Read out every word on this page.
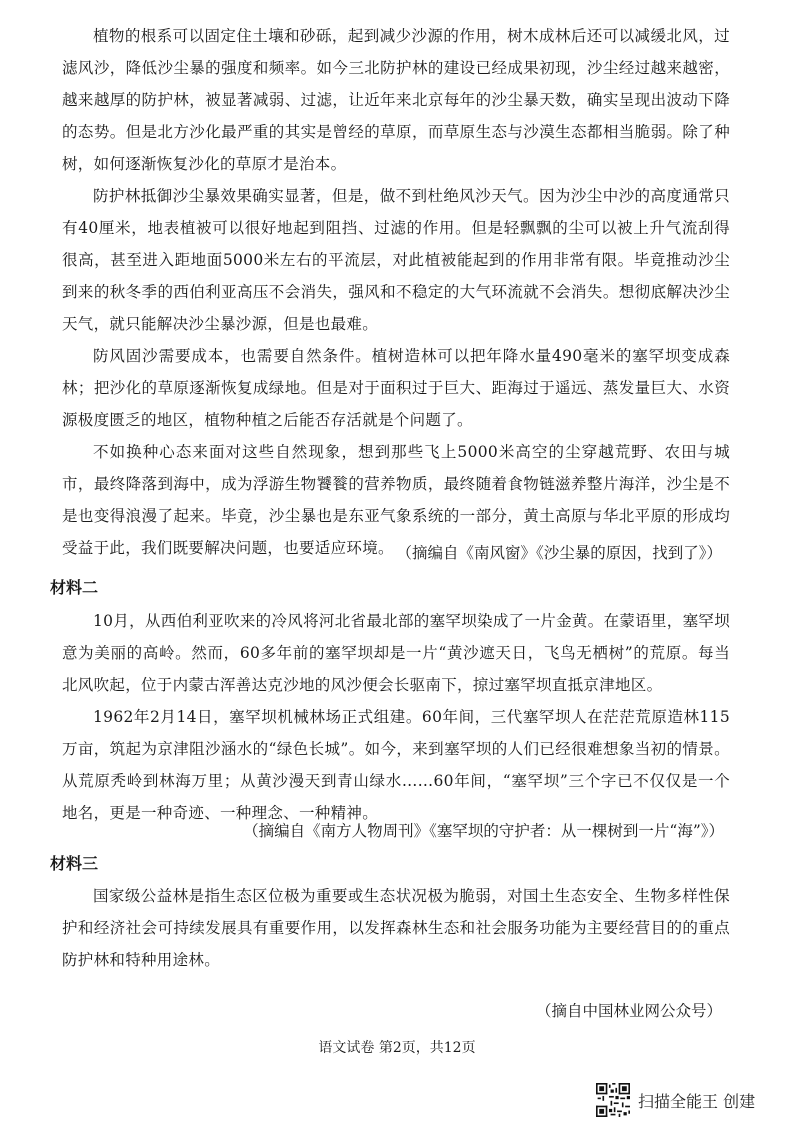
植物的根系可以固定住土壤和砂砾，起到减少沙源的作用，树木成林后还可以减缓北风，过滤风沙，降低沙尘暴的强度和频率。如今三北防护林的建设已经成果初现，沙尘经过越来越密，越来越厚的防护林，被显著减弱、过滤，让近年来北京每年的沙尘暴天数，确实呈现出波动下降的态势。但是北方沙化最严重的其实是曾经的草原，而草原生态与沙漠生态都相当脆弱。除了种树，如何逐渐恢复沙化的草原才是治本。

防护林抵御沙尘暴效果确实显著，但是，做不到杜绝风沙天气。因为沙尘中沙的高度通常只有40厘米，地表植被可以很好地起到阻挡、过滤的作用。但是轻飘飘的尘可以被上升气流刮得很高，甚至进入距地面5000米左右的平流层，对此植被能起到的作用非常有限。毕竟推动沙尘到来的秋冬季的西伯利亚高压不会消失，强风和不稳定的大气环流就不会消失。想彻底解决沙尘天气，就只能解决沙尘暴沙源，但是也最难。

防风固沙需要成本，也需要自然条件。植树造林可以把年降水量490毫米的塞罕坝变成森林；把沙化的草原逐渐恢复成绿地。但是对于面积过于巨大、距海过于遥远、蒸发量巨大、水资源极度匮乏的地区，植物种植之后能否存活就是个问题了。

不如换种心态来面对这些自然现象，想到那些飞上5000米高空的尘穿越荒野、农田与城市，最终降落到海中，成为浮游生物饕餮的营养物质，最终随着食物链滋养整片海洋，沙尘是不是也变得浪漫了起来。毕竟，沙尘暴也是东亚气象系统的一部分，黄土高原与华北平原的形成均受益于此，我们既要解决问题，也要适应环境。 （摘编自《南风窗》《沙尘暴的原因，找到了》）

材料二

10月，从西伯利亚吹来的冷风将河北省最北部的塞罕坝染成了一片金黄。在蒙语里，塞罕坝意为美丽的高岭。然而，60多年前的塞罕坝却是一片“黄沙遮天日，飞鸟无栖树”的荒原。每当北风吹起，位于内蒙古浑善达克沙地的风沙便会长驱南下，掠过塞罕坝直抵京津地区。

1962年2月14日，塞罕坝机械林场正式组建。60年间，三代塞罕坝人在茫茫荒原造林115万亩，筑起为京津阻沙涵水的“绿色长城”。如今，来到塞罕坝的人们已经很难想象当初的情景。从荒原秃岭到林海万里；从黄沙漫天到青山绿水……60年间，“塞罕坝”三个字已不仅仅是一个地名，更是一种奇迹、一种理念、一种精神。

（摘编自《南方人物周刊》《塞罕坝的守护者：从一棵树到一片“海”》）

材料三

国家级公益林是指生态区位极为重要或生态状况极为脆弱，对国土生态安全、生物多样性保护和经济社会可持续发展具有重要作用，以发挥森林生态和社会服务功能为主要经营目的的重点防护林和特种用途林。

（摘自中国林业网公众号）

语文试卷 第2页，共12页
扫描全能王 创建
